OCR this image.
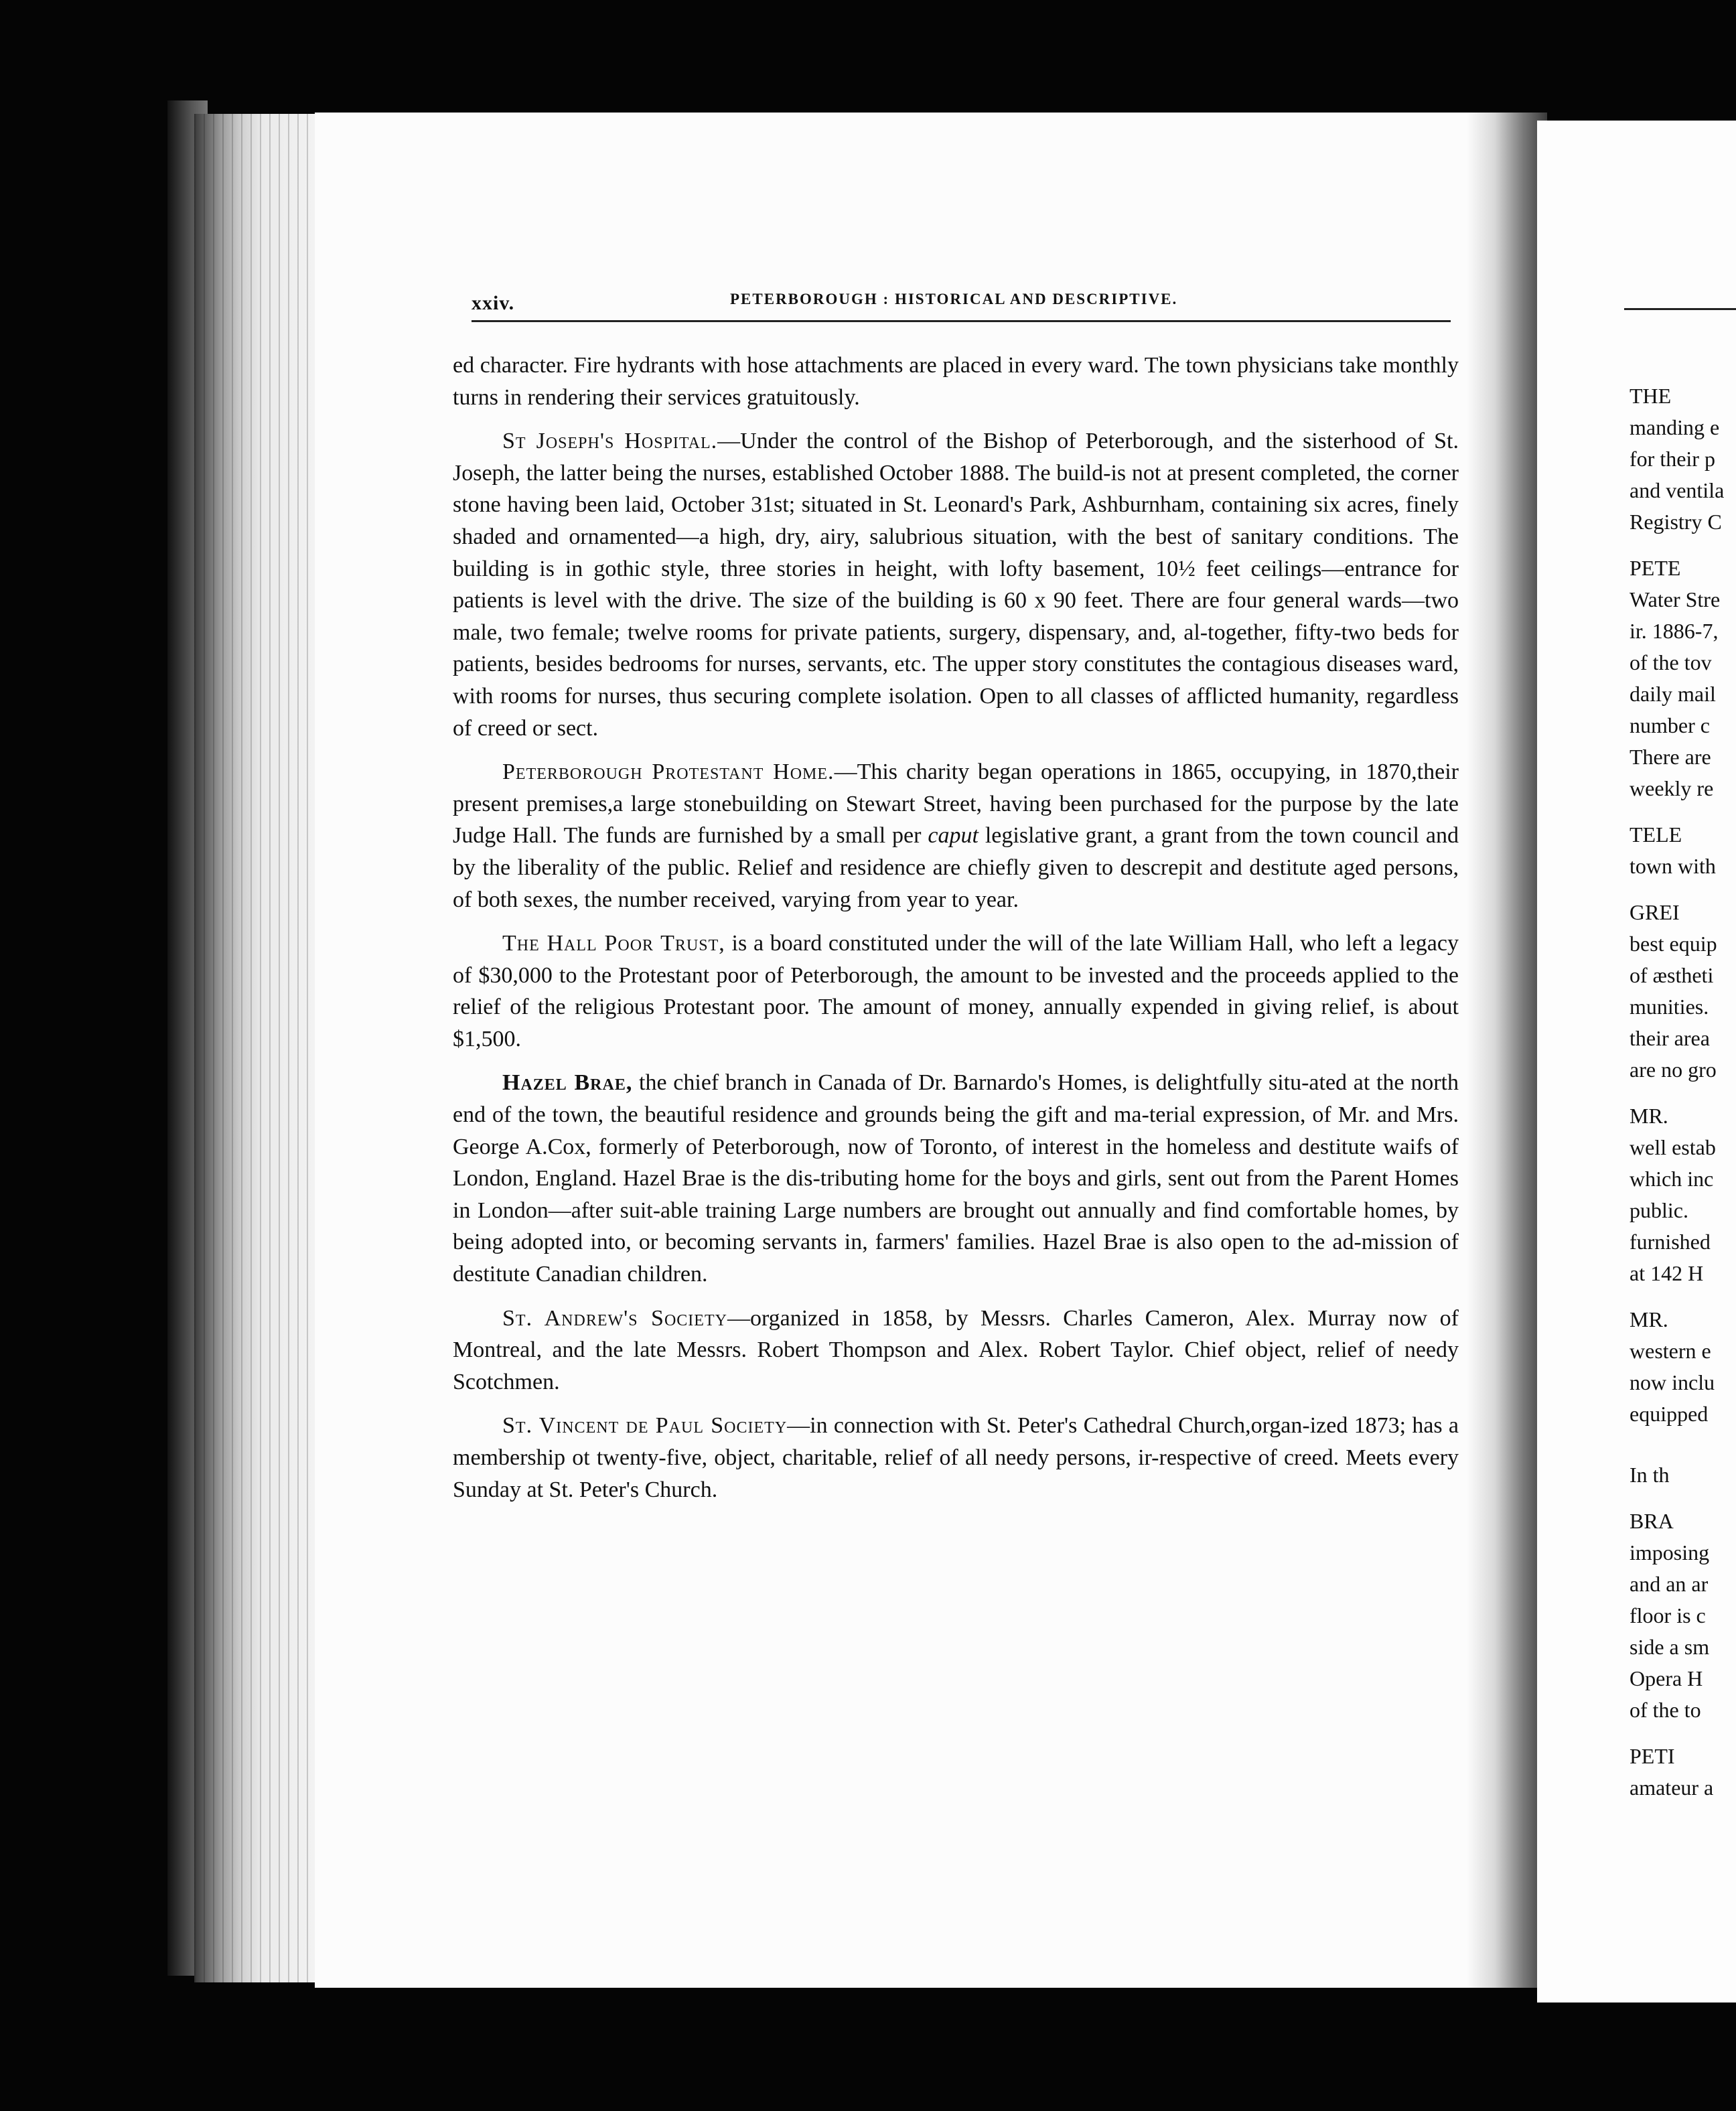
xxiv.	PETERBOROUGH : HISTORICAL AND DESCRIPTIVE.

ed character. Fire hydrants with hose attachments are placed in every ward. The town physicians take monthly turns in rendering their services gratuitously.

St Joseph's Hospital.—Under the control of the Bishop of Peterborough, and the sisterhood of St. Joseph, the latter being the nurses, established October 1888. The build-is not at present completed, the corner stone having been laid, October 31st; situated in St. Leonard's Park, Ashburnham, containing six acres, finely shaded and ornamented—a high, dry, airy, salubrious situation, with the best of sanitary conditions. The building is in gothic style, three stories in height, with lofty basement, 10½ feet ceilings—entrance for patients is level with the drive. The size of the building is 60 x 90 feet. There are four general wards—two male, two female; twelve rooms for private patients, surgery, dispensary, and, al-together, fifty-two beds for patients, besides bedrooms for nurses, servants, etc. The upper story constitutes the contagious diseases ward, with rooms for nurses, thus securing complete isolation. Open to all classes of afflicted humanity, regardless of creed or sect.

Peterborough Protestant Home.—This charity began operations in 1865, occupying, in 1870,their present premises,a large stonebuilding on Stewart Street, having been purchased for the purpose by the late Judge Hall. The funds are furnished by a small per caput legislative grant, a grant from the town council and by the liberality of the public. Relief and residence are chiefly given to descrepit and destitute aged persons, of both sexes, the number received, varying from year to year.

The Hall Poor Trust, is a board constituted under the will of the late William Hall, who left a legacy of $30,000 to the Protestant poor of Peterborough, the amount to be invested and the proceeds applied to the relief of the religious Protestant poor. The amount of money, annually expended in giving relief, is about $1,500.

Hazel Brae, the chief branch in Canada of Dr. Barnardo's Homes, is delightfully situ-ated at the north end of the town, the beautiful residence and grounds being the gift and ma-terial expression, of Mr. and Mrs. George A.Cox, formerly of Peterborough, now of Toronto, of interest in the homeless and destitute waifs of London, England. Hazel Brae is the dis-tributing home for the boys and girls, sent out from the Parent Homes in London—after suit-able training Large numbers are brought out annually and find comfortable homes, by being adopted into, or becoming servants in, farmers' families. Hazel Brae is also open to the ad-mission of destitute Canadian children.

St. Andrew's Society—organized in 1858, by Messrs. Charles Cameron, Alex. Murray now of Montreal, and the late Messrs. Robert Thompson and Alex. Robert Taylor. Chief object, relief of needy Scotchmen.

St. Vincent de Paul Society—in connection with St. Peter's Cathedral Church,organ-ized 1873; has a membership ot twenty-five, object, charitable, relief of all needy persons, ir-respective of creed. Meets every Sunday at St. Peter's Church.

THE
manding e
for their p
and ventila
Registry C
PETE
Water Stre
ir. 1886-7,
of the tov
daily mail
number c
There are
weekly re
TELE
town with
GREI
best equip
of æstheti
munities.
their area
are no gro
MR.
well estab
which inc
public.
furnished
at 142 H
MR.
western e
now inclu
equipped
In th
BRA
imposing
and an ar
floor is c
side a sm
Opera H
of the to
PETI
amateur a
